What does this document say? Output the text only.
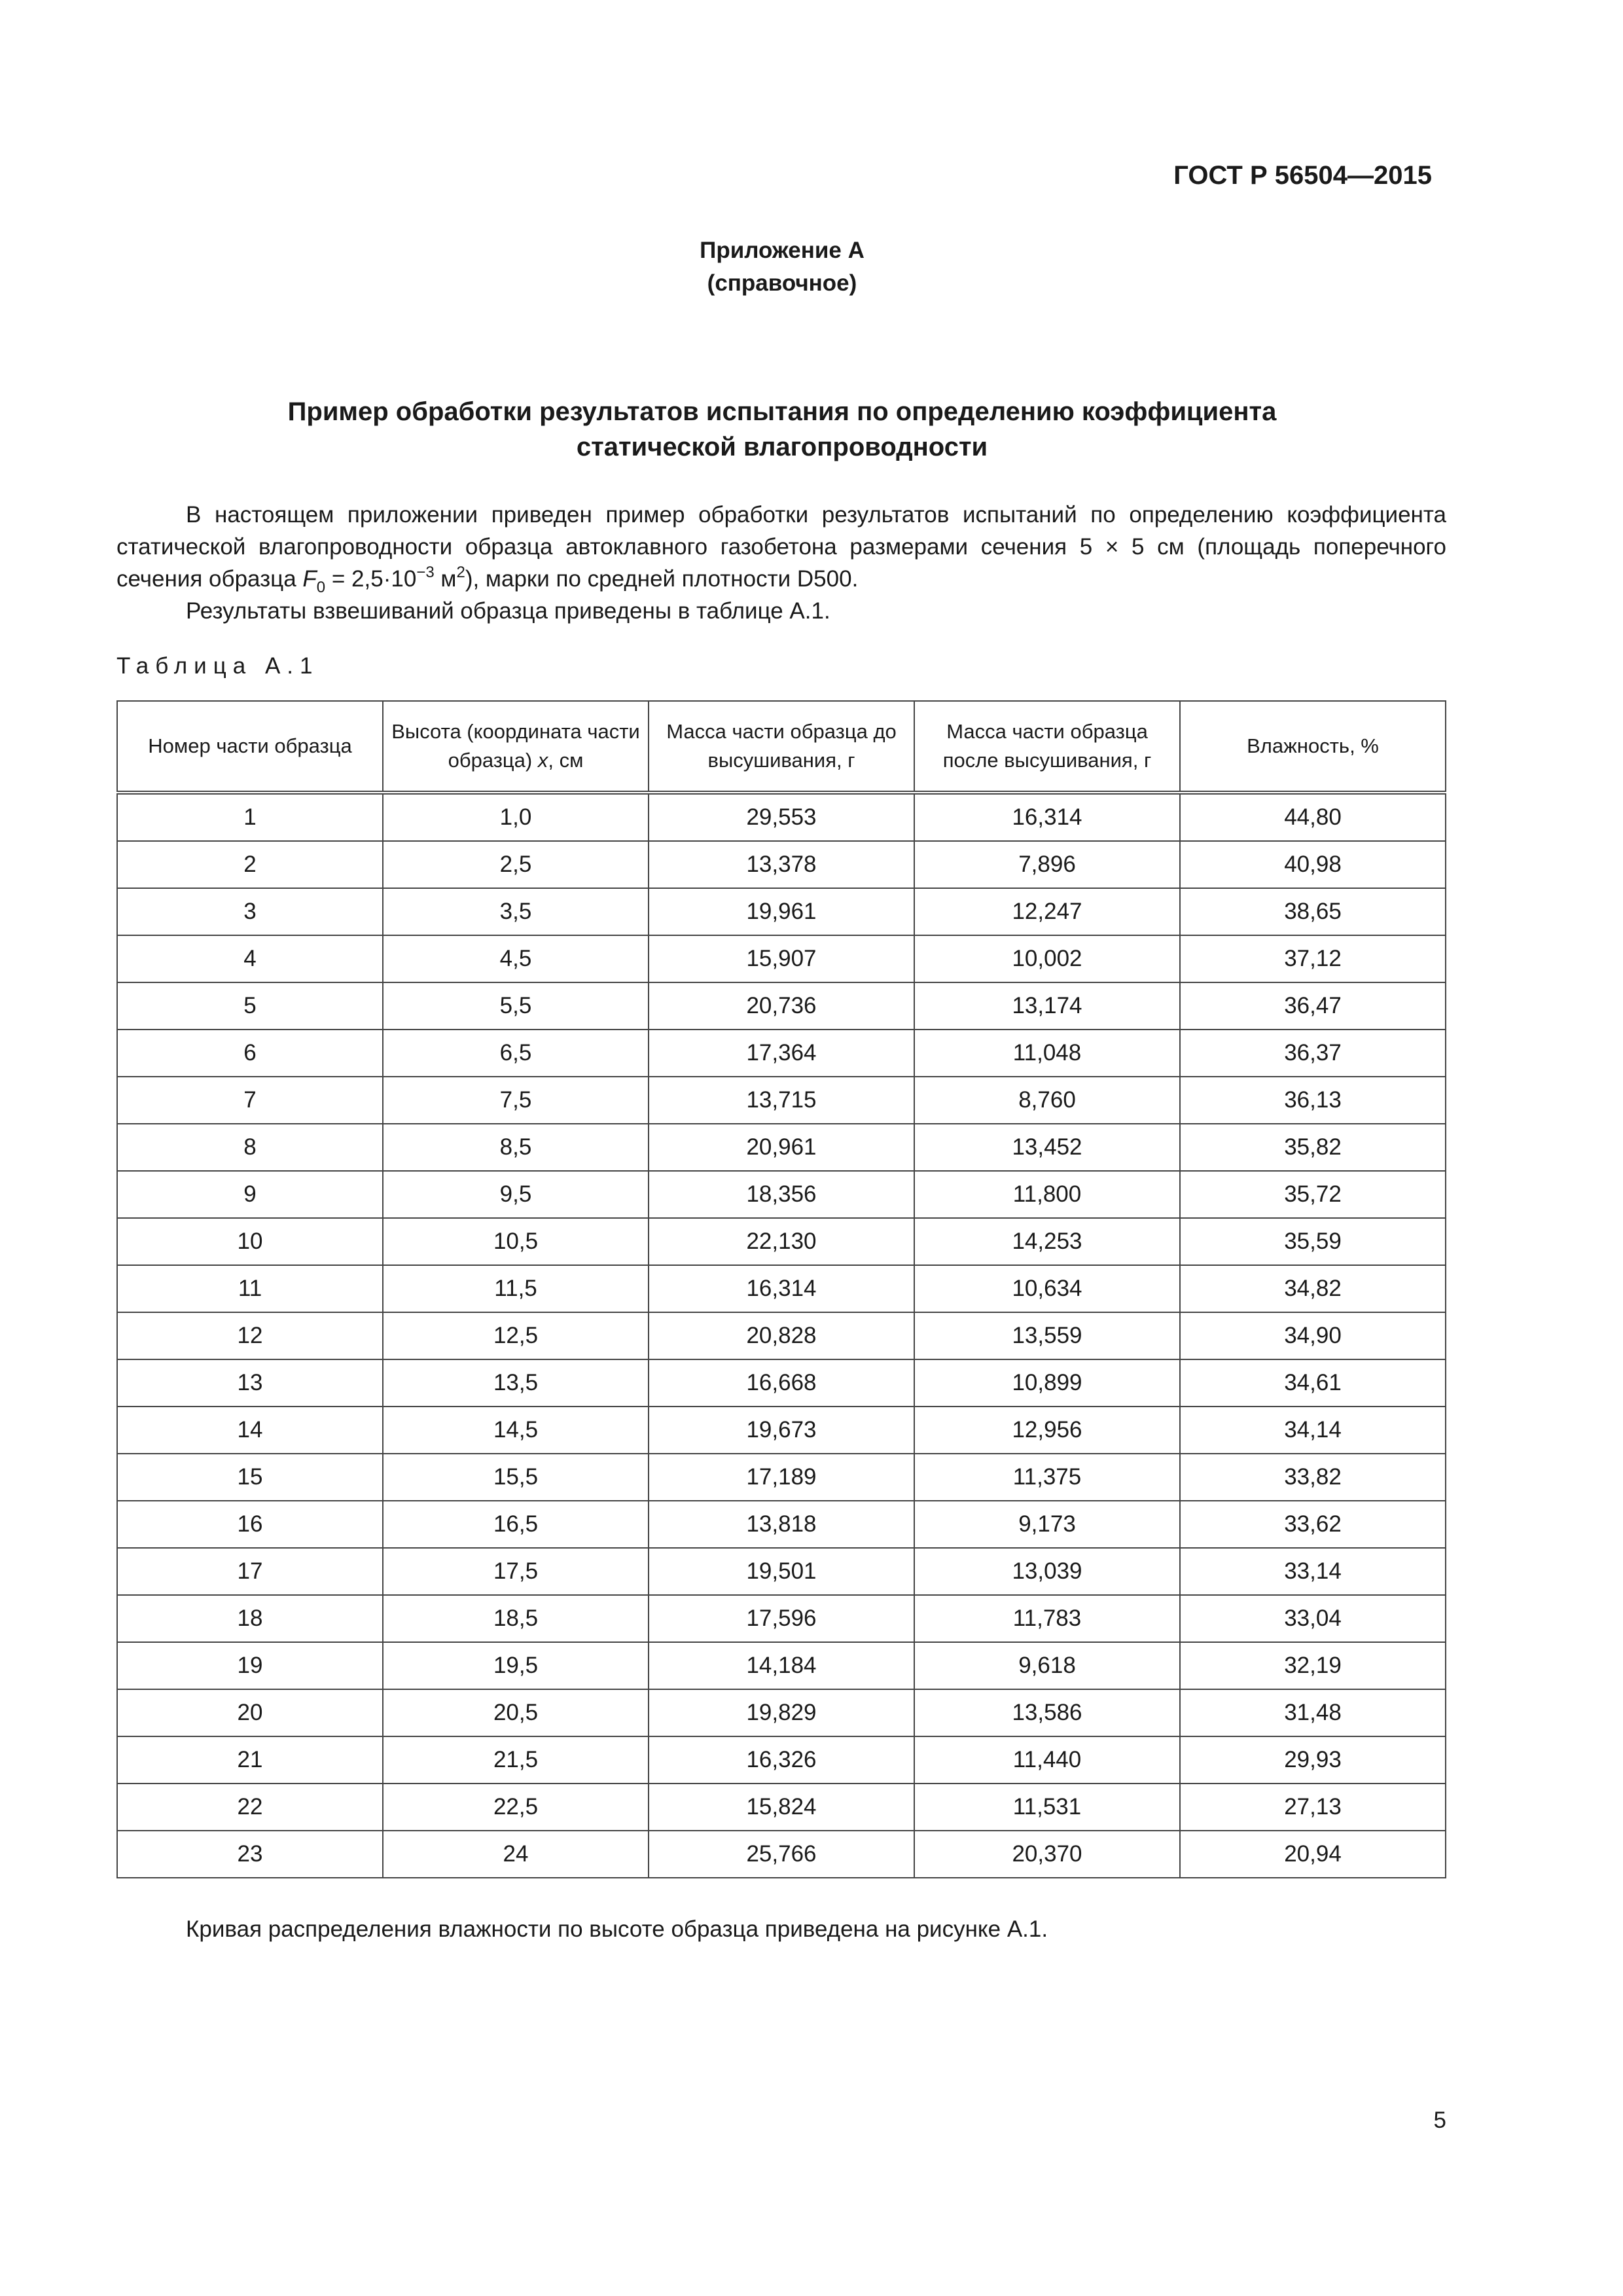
ГОСТ Р 56504—2015
Приложение А
(справочное)
Пример обработки результатов испытания по определению коэффициента
статической влагопроводности

В настоящем приложении приведен пример обработки результатов испытаний по определению коэффициента статической влагопроводности образца автоклавного газобетона размерами сечения 5 × 5 см (площадь поперечного сечения образца $F_0 = 2,5\cdot 10^{-3}$ $м^2$), марки по средней плотности D500.

Результаты взвешиваний образца приведены в таблице А.1.

Таблица А.1
Номер части образца	Высота (координата части образца) x, см	Масса части образца до высушивания, г	Масса части образца после высушивания, г	Влажность, %
1	1,0	29,553	16,314	44,80
2	2,5	13,378	7,896	40,98
3	3,5	19,961	12,247	38,65
4	4,5	15,907	10,002	37,12
5	5,5	20,736	13,174	36,47
6	6,5	17,364	11,048	36,37
7	7,5	13,715	8,760	36,13
8	8,5	20,961	13,452	35,82
9	9,5	18,356	11,800	35,72
10	10,5	22,130	14,253	35,59
11	11,5	16,314	10,634	34,82
12	12,5	20,828	13,559	34,90
13	13,5	16,668	10,899	34,61
14	14,5	19,673	12,956	34,14
15	15,5	17,189	11,375	33,82
16	16,5	13,818	9,173	33,62
17	17,5	19,501	13,039	33,14
18	18,5	17,596	11,783	33,04
19	19,5	14,184	9,618	32,19
20	20,5	19,829	13,586	31,48
21	21,5	16,326	11,440	29,93
22	22,5	15,824	11,531	27,13
23	24	25,766	20,370	20,94
Кривая распределения влажности по высоте образца приведена на рисунке А.1.
5
